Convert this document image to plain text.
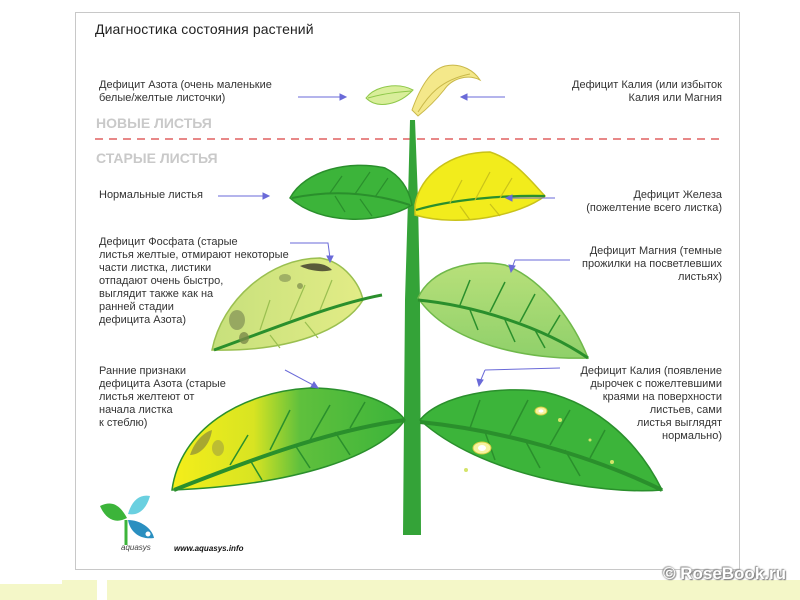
Диагностика состояния растений
НОВЫЕ ЛИСТЬЯ
СТАРЫЕ ЛИСТЬЯ
Дефицит Азота (очень маленькие
белые/желтые листочки)
Дефицит Калия (или избыток
Калия или Магния
Нормальные листья	Дефицит Железа
(пожелтение всего листка)
Дефицит Фосфата (старые
листья желтые, отмирают некоторые
части листка, листики
отпадают очень быстро,
выглядит также как на
ранней стадии
дефицита Азота)
Дефицит Магния (темные
прожилки на посветлевших
листьях)
Ранние признаки
дефицита Азота (старые
листья желтеют от
начала листка
к стеблю)
Дефицит Калия (появление
дырочек с пожелтевшими
краями на поверхности
листьев, сами
листья выглядят
нормально)
aquasys	www.aquasys.info
© RoseBook.ru
